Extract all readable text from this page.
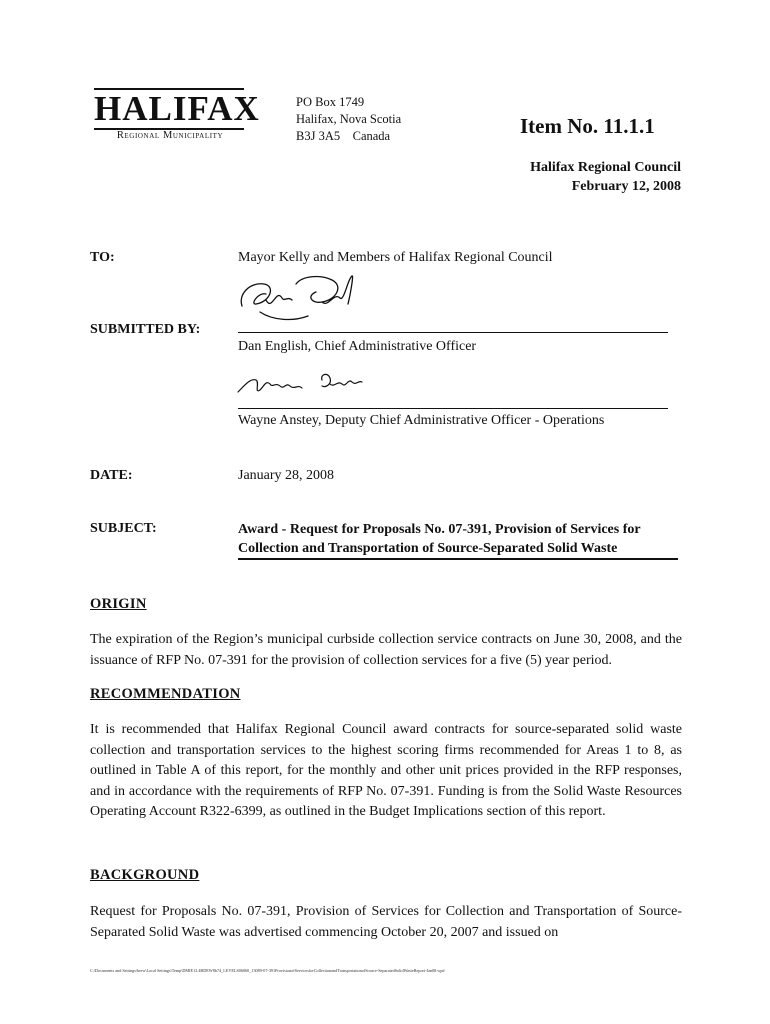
HALIFAX
Regional Municipality
PO Box 1749
Halifax, Nova Scotia
B3J 3A5    Canada	Item No. 11.1.1
Halifax Regional Council
February 12, 2008
TO:	Mayor Kelly and Members of Halifax Regional Council
SUBMITTED BY:
Dan English, Chief Administrative Officer
Wayne Anstey, Deputy Chief Administrative Officer - Operations
DATE:	January 28, 2008
SUBJECT:	Award - Request for Proposals No. 07-391, Provision of Services for Collection and Transportation of Source-Separated Solid Waste
ORIGIN
The expiration of the Region’s municipal curbside collection service contracts on June 30, 2008, and the issuance of RFP No. 07-391 for the provision of collection services for a five (5) year period.
RECOMMENDATION
It is recommended that Halifax Regional Council award contracts for source-separated solid waste collection and transportation services to the highest scoring firms recommended for Areas 1 to 8, as outlined in Table A of this report, for the monthly and other unit prices provided in the RFP responses, and in accordance with the requirements of RFP No. 07-391. Funding is from the Solid Waste Resources Operating Account R322-6399, as outlined in the Budget Implications section of this report.
BACKGROUND
Request for Proposals No. 07-391, Provision of Services for Collection and Transportation of Source-Separated Solid Waste was advertised commencing October 20, 2007 and issued on
C:\Documents and Settings\brew\Local Settings\Temp\DMIE12.4BDEW8b74_LEVELS06060_13089-07-391ProvisionofServicesforCollectionandTransportationofSource-SeparatedSolidWasteReport-Jan08.wpd
